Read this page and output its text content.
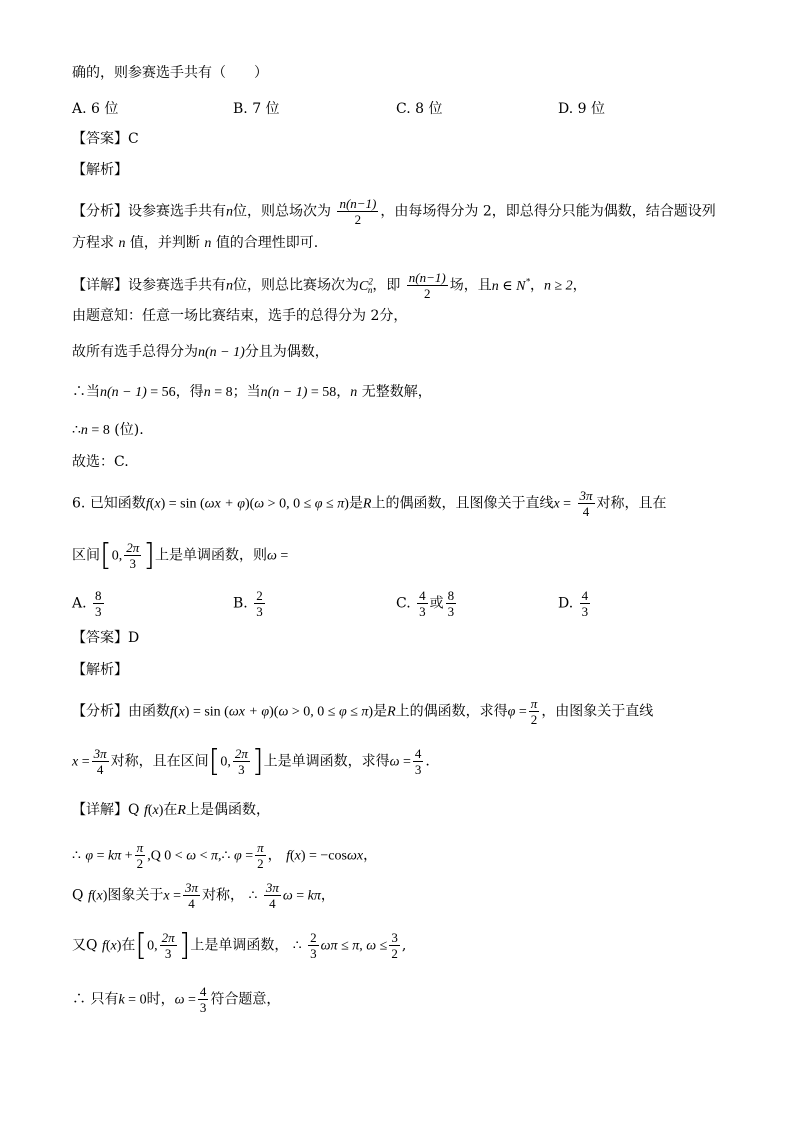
确的，则参赛选手共有（　　）
A. 6 位	B. 7 位	C. 8 位	D. 9 位
【答案】C
【解析】
【分析】设参赛选手共有n位，则总场次为 $\frac{n(n-1)}{2}$ ，由每场得分为 2，即总得分只能为偶数，结合题设列
方程求 n 值，并判断 n 值的合理性即可.
【详解】设参赛选手共有n位，则总比赛场次为$C^2_n$，即 $\frac{n(n-1)}{2}$ 场，且n ∈ N*，n ≥ 2，
由题意知：任意一场比赛结束，选手的总得分为 2分，
故所有选手总得分为n(n − 1)分且为偶数，
∴当n(n − 1) = 56，得n = 8；当n(n − 1) = 58，n 无整数解，
∴n = 8 (位).
故选：C.
6. 已知函数f(x) = sin (ωx + φ)(ω > 0, 0 ≤ φ ≤ π)是R上的偶函数，且图像关于直线$x = \frac{3\pi}{4}$ 对称，且在
区间[0, $\frac{2\pi}{3}$ ]上是单调函数，则ω =
A. $\frac{8}{3}$	B. $\frac{2}{3}$	C. $\frac{4}{3}$ 或 $\frac{8}{3}$	D. $\frac{4}{3}$
【答案】D
【解析】
【分析】由函数f(x) = sin (ωx + φ)(ω > 0, 0 ≤ φ ≤ π)是R上的偶函数，求得$\varphi = \frac{\pi}{2}$ ，由图象关于直线
$x = \frac{3\pi}{4}$ 对称，且在区间[0, $\frac{2\pi}{3}$ ]上是单调函数，求得$\omega = \frac{4}{3}$ .
【详解】Q f(x)在R上是偶函数，
∴ $\varphi = k\pi + \frac{\pi}{2} ,Q$ 0 < ω < π,∴ $\varphi = \frac{\pi}{2}$ ， f(x) = −cosωx，
Q f(x)图象关于$x = \frac{3\pi}{4}$ 对称， ∴ $\frac{3\pi}{4}$ ω = kπ，
又Q f(x)在[0, $\frac{2\pi}{3}$ ]上是单调函数， ∴ $\frac{2}{3}$ ωπ ≤ π, $\omega \le \frac{3}{2}$ ,
∴ 只有k = 0时，$\omega = \frac{4}{3}$ 符合题意，
